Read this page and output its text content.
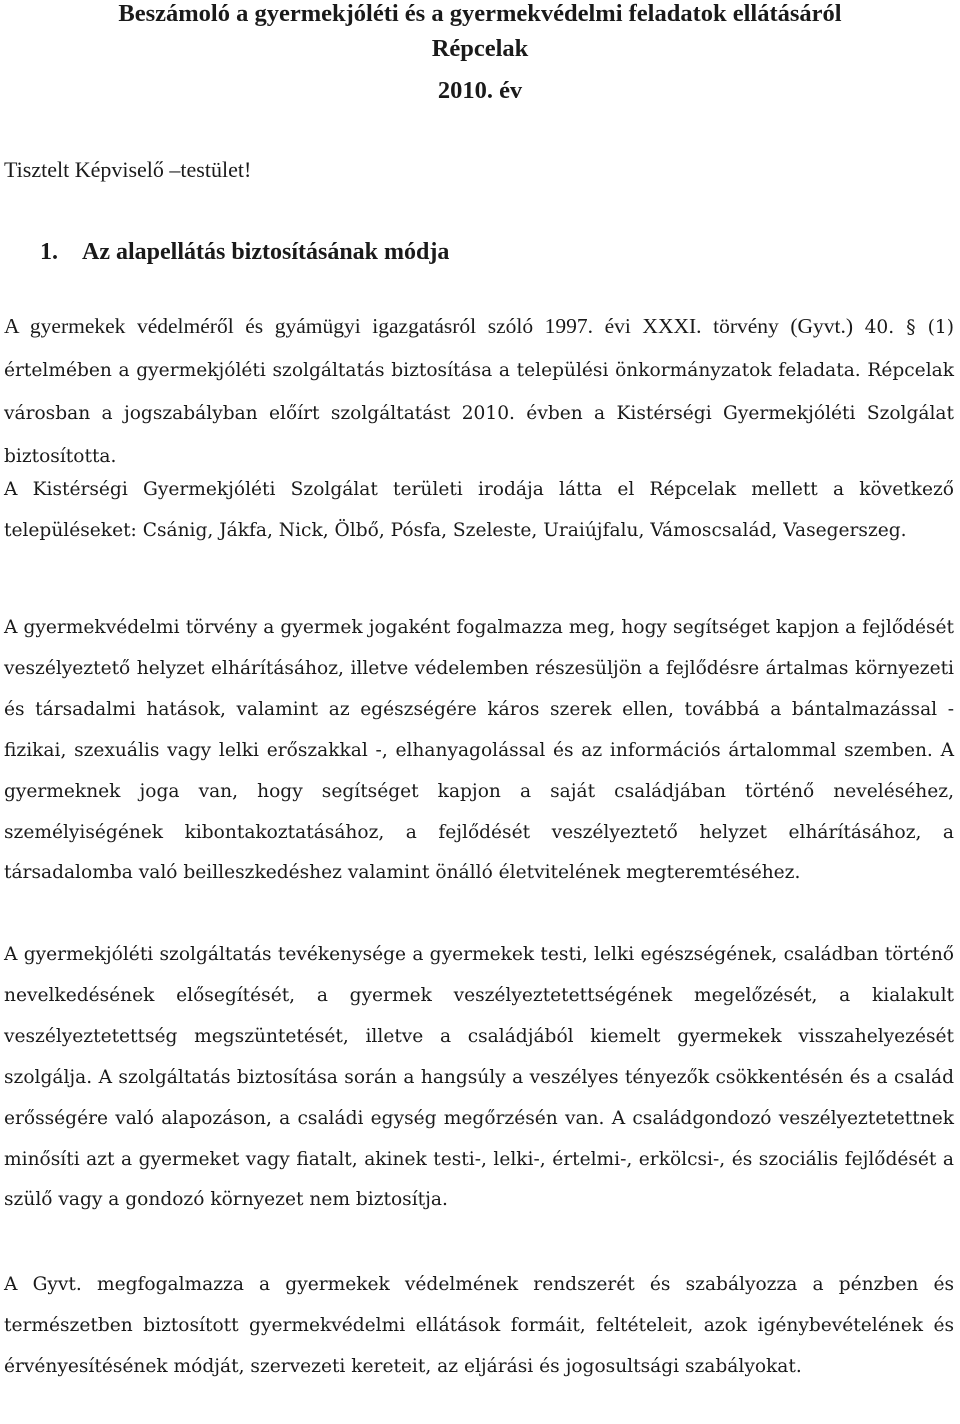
Beszámoló a gyermekjóléti és a gyermekvédelmi feladatok ellátásáról
Répcelak
2010. év
Tisztelt Képviselő –testület!
1. Az alapellátás biztosításának módja

A gyermekek védelméről és gyámügyi igazgatásról szóló 1997. évi XXXI. törvény (Gyvt.) 40. § (1) értelmében a gyermekjóléti szolgáltatás biztosítása a települési önkormányzatok feladata. Répcelak városban a jogszabályban előírt szolgáltatást 2010. évben a Kistérségi Gyermekjóléti Szolgálat biztosította.

A Kistérségi Gyermekjóléti Szolgálat területi irodája látta el Répcelak mellett a következő településeket: Csánig, Jákfa, Nick, Ölbő, Pósfa, Szeleste, Uraiújfalu, Vámoscsalád, Vasegerszeg.

A gyermekvédelmi törvény a gyermek jogaként fogalmazza meg, hogy segítséget kapjon a fejlődését veszélyeztető helyzet elhárításához, illetve védelemben részesüljön a fejlődésre ártalmas környezeti és társadalmi hatások, valamint az egészségére káros szerek ellen, továbbá a bántalmazással - fizikai, szexuális vagy lelki erőszakkal -, elhanyagolással és az információs ártalommal szemben. A gyermeknek joga van, hogy segítséget kapjon a saját családjában történő neveléséhez, személyiségének kibontakoztatásához, a fejlődését veszélyeztető helyzet elhárításához, a társadalomba való beilleszkedéshez valamint önálló életvitelének megteremtéséhez.

A gyermekjóléti szolgáltatás tevékenysége a gyermekek testi, lelki egészségének, családban történő nevelkedésének elősegítését, a gyermek veszélyeztetettségének megelőzését, a kialakult veszélyeztetettség megszüntetését, illetve a családjából kiemelt gyermekek visszahelyezését szolgálja. A szolgáltatás biztosítása során a hangsúly a veszélyes tényezők csökkentésén és a család erősségére való alapozáson, a családi egység megőrzésén van. A családgondozó veszélyeztetettnek minősíti azt a gyermeket vagy fiatalt, akinek testi-, lelki-, értelmi-, erkölcsi-, és szociális fejlődését a szülő vagy a gondozó környezet nem biztosítja.

A Gyvt. megfogalmazza a gyermekek védelmének rendszerét és szabályozza a pénzben és természetben biztosított gyermekvédelmi ellátások formáit, feltételeit, azok igénybevételének és érvényesítésének módját, szervezeti kereteit, az eljárási és jogosultsági szabályokat.
